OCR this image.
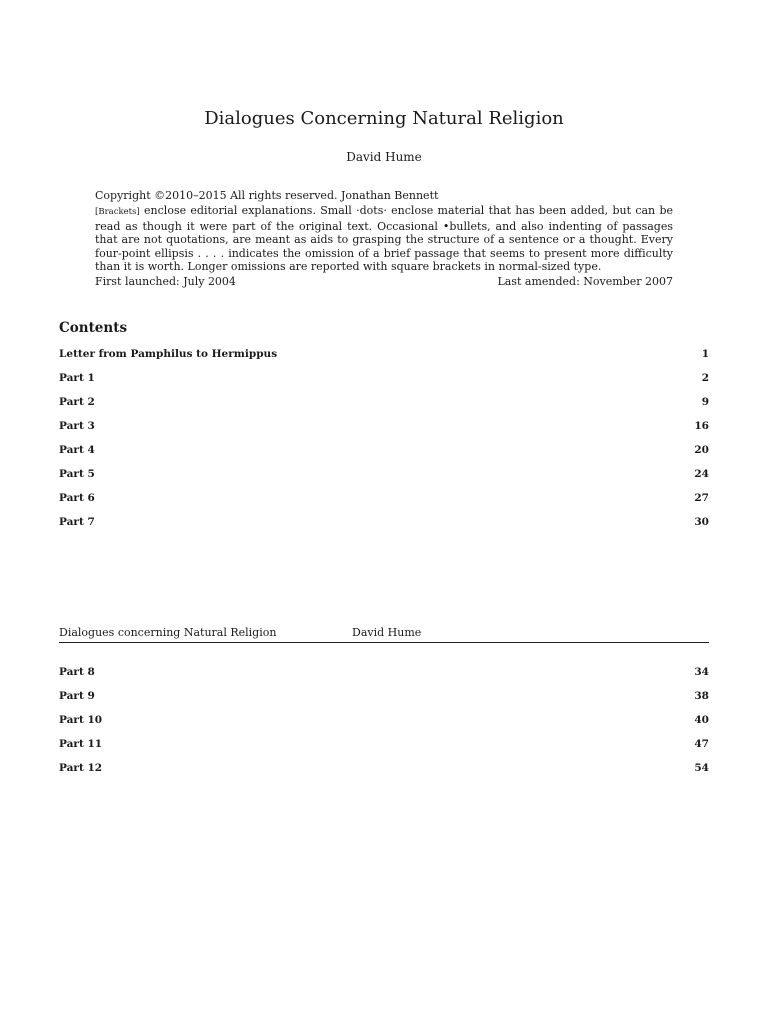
Dialogues Concerning Natural Religion
David Hume
Copyright ©2010–2015 All rights reserved. Jonathan Bennett
[Brackets] enclose editorial explanations. Small ·dots· enclose material that has been added, but can be read as though it were part of the original text. Occasional •bullets, and also indenting of passages that are not quotations, are meant as aids to grasping the structure of a sentence or a thought. Every four-point ellipsis . . . . indicates the omission of a brief passage that seems to present more difficulty than it is worth. Longer omissions are reported with square brackets in normal-sized type.
First launched: July 2004	Last amended: November 2007
Contents
Letter from Pamphilus to Hermippus	1
Part 1	2
Part 2	9
Part 3	16
Part 4	20
Part 5	24
Part 6	27
Part 7	30
Dialogues concerning Natural Religion	David Hume
Part 8	34
Part 9	38
Part 10	40
Part 11	47
Part 12	54
